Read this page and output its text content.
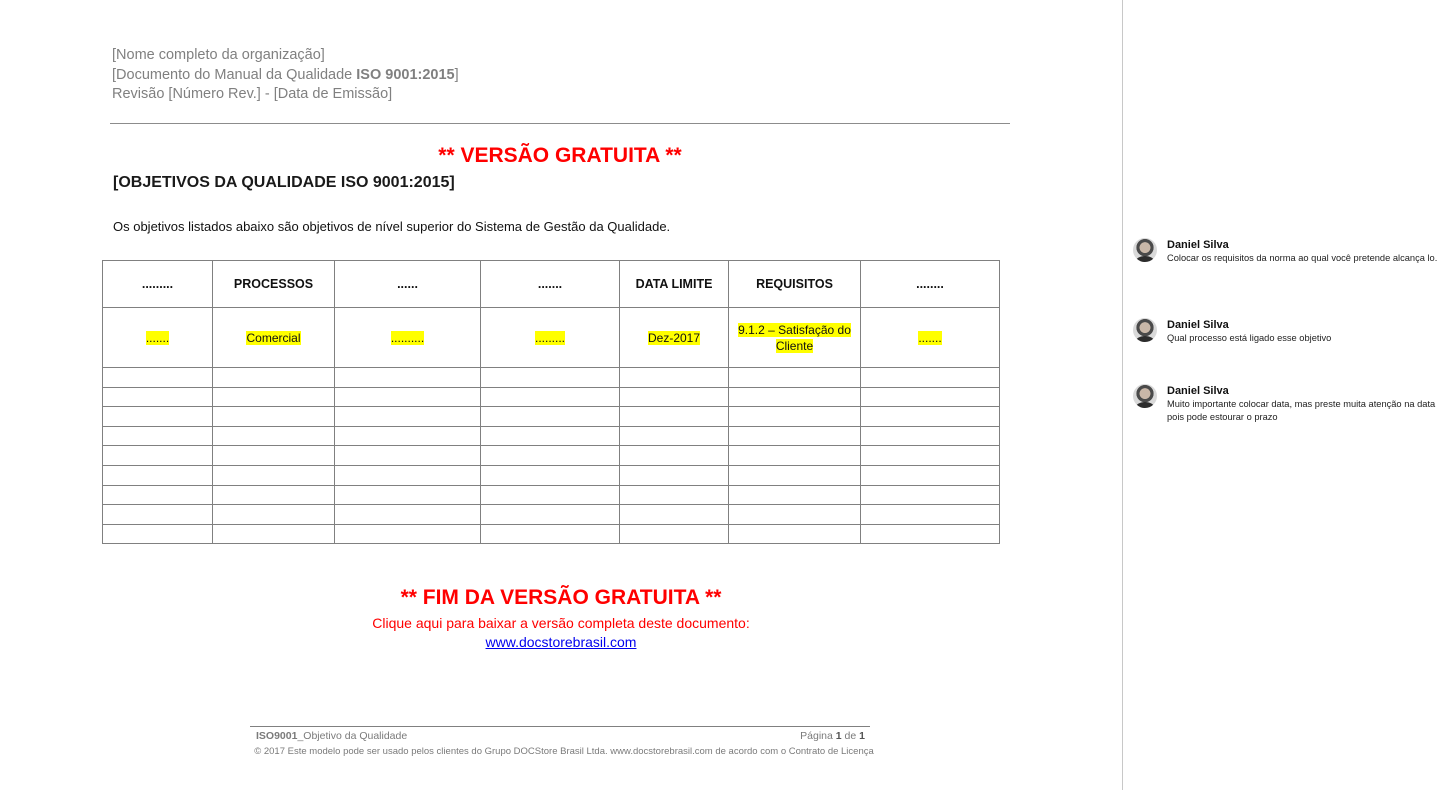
[Nome completo da organização]
[Documento do Manual da Qualidade ISO 9001:2015]
Revisão [Número Rev.] - [Data de Emissão]
** VERSÃO GRATUITA **
[OBJETIVOS DA QUALIDADE ISO 9001:2015]
Os objetivos listados abaixo são objetivos de nível superior do Sistema de Gestão da Qualidade.
.........	PROCESSOS	......	.......	DATA LIMITE	REQUISITOS	........
.......	Comercial	..........	.........	Dez-2017	9.1.2 – Satisfação do Cliente	.......

** FIM DA VERSÃO GRATUITA **
Clique aqui para baixar a versão completa deste documento:
www.docstorebrasil.com
ISO9001_Objetivo da Qualidade	Página 1 de 1
© 2017 Este modelo pode ser usado pelos clientes do Grupo DOCStore Brasil Ltda. www.docstorebrasil.com de acordo com o Contrato de Licença
Daniel Silva
Colocar os requisitos da norma ao qual você pretende alcança lo.
Daniel Silva
Qual processo está ligado esse objetivo
Daniel Silva
Muito importante colocar data, mas preste muita atenção na data pois pode estourar o prazo
